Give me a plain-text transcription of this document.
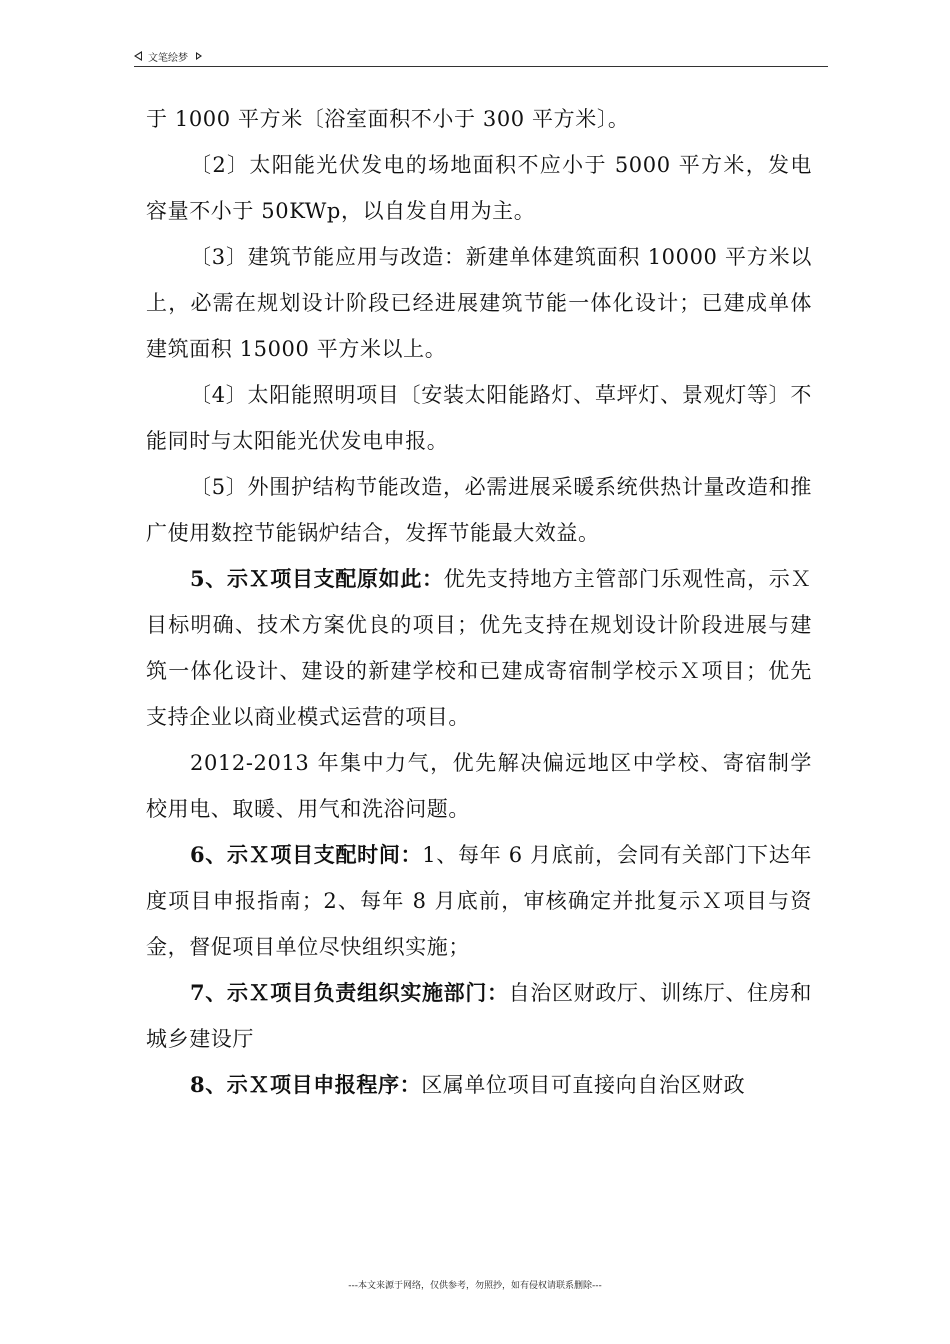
文笔绘梦

于 1000 平方米〔浴室面积不小于 300 平方米〕。

〔2〕太阳能光伏发电的场地面积不应小于 5000 平方米，发电容量不小于 50KWp，以自发自用为主。

〔3〕建筑节能应用与改造：新建单体建筑面积 10000 平方米以上，必需在规划设计阶段已经进展建筑节能一体化设计；已建成单体建筑面积 15000 平方米以上。

〔4〕太阳能照明项目〔安装太阳能路灯、草坪灯、景观灯等〕不能同时与太阳能光伏发电申报。

〔5〕外围护结构节能改造，必需进展采暖系统供热计量改造和推广使用数控节能锅炉结合，发挥节能最大效益。

5、示Ｘ项目支配原如此：优先支持地方主管部门乐观性高，示Ｘ目标明确、技术方案优良的项目；优先支持在规划设计阶段进展与建筑一体化设计、建设的新建学校和已建成寄宿制学校示Ｘ项目；优先支持企业以商业模式运营的项目。

2012-2013 年集中力气，优先解决偏远地区中学校、寄宿制学校用电、取暖、用气和洗浴问题。

6、示Ｘ项目支配时间：1、每年 6 月底前，会同有关部门下达年度项目申报指南；2、每年 8 月底前，审核确定并批复示Ｘ项目与资金，督促项目单位尽快组织实施；

7、示Ｘ项目负责组织实施部门：自治区财政厅、训练厅、住房和城乡建设厅

8、示Ｘ项目申报程序：区属单位项目可直接向自治区财政

---本文来源于网络，仅供参考，勿照抄，如有侵权请联系删除---
